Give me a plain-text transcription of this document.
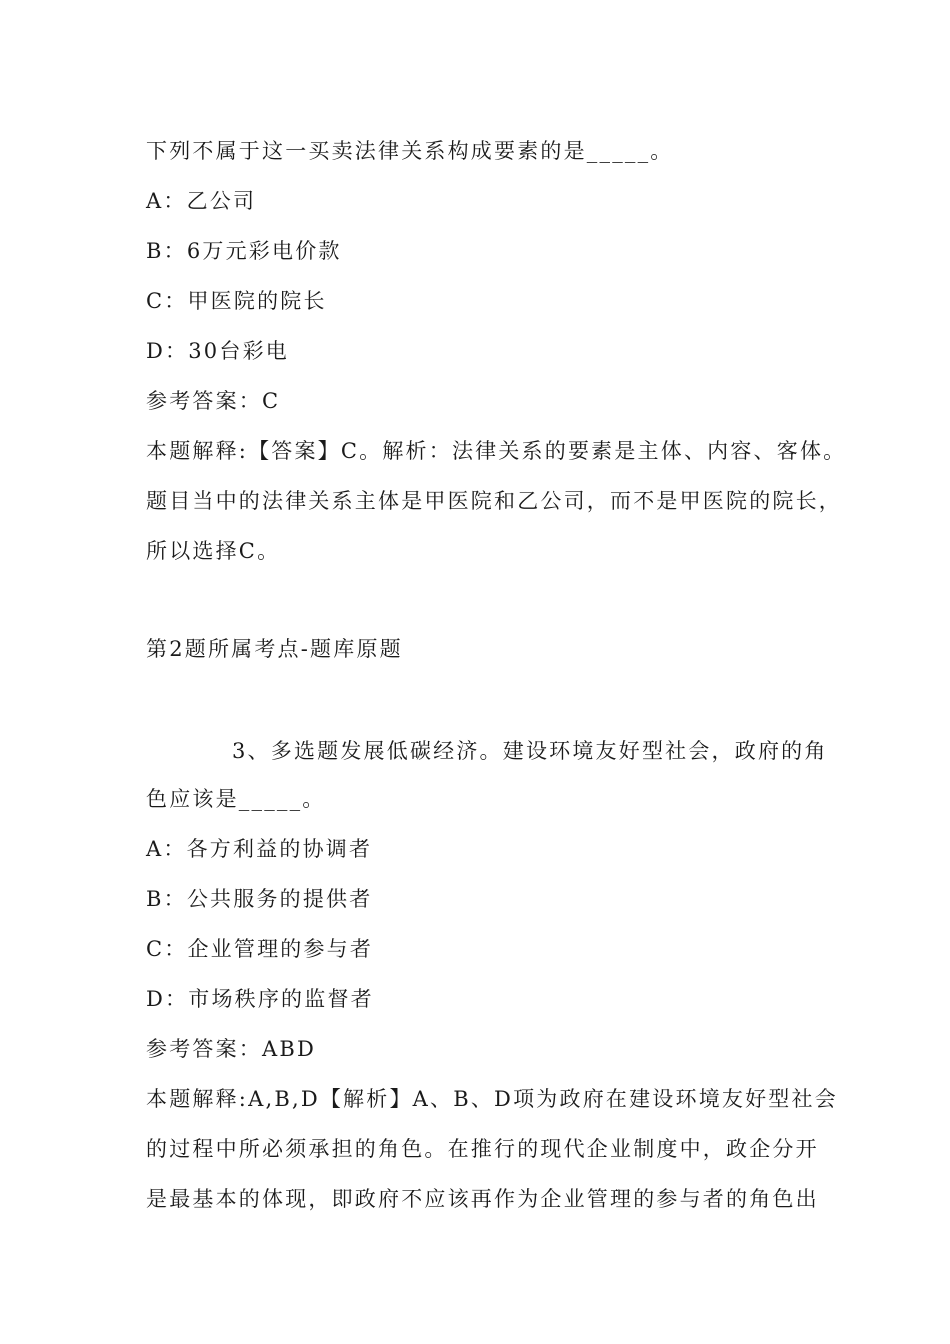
下列不属于这一买卖法律关系构成要素的是_____。
A：乙公司
B：6万元彩电价款
C：甲医院的院长
D：30台彩电
参考答案：C
本题解释:【答案】C。解析：法律关系的要素是主体、内容、客体。
题目当中的法律关系主体是甲医院和乙公司，而不是甲医院的院长，
所以选择C。
第2题所属考点-题库原题
3、多选题发展低碳经济。建设环境友好型社会，政府的角
色应该是_____。
A：各方利益的协调者
B：公共服务的提供者
C：企业管理的参与者
D：市场秩序的监督者
参考答案：ABD
本题解释:A,B,D【解析】A、B、D项为政府在建设环境友好型社会
的过程中所必须承担的角色。在推行的现代企业制度中，政企分开
是最基本的体现，即政府不应该再作为企业管理的参与者的角色出
